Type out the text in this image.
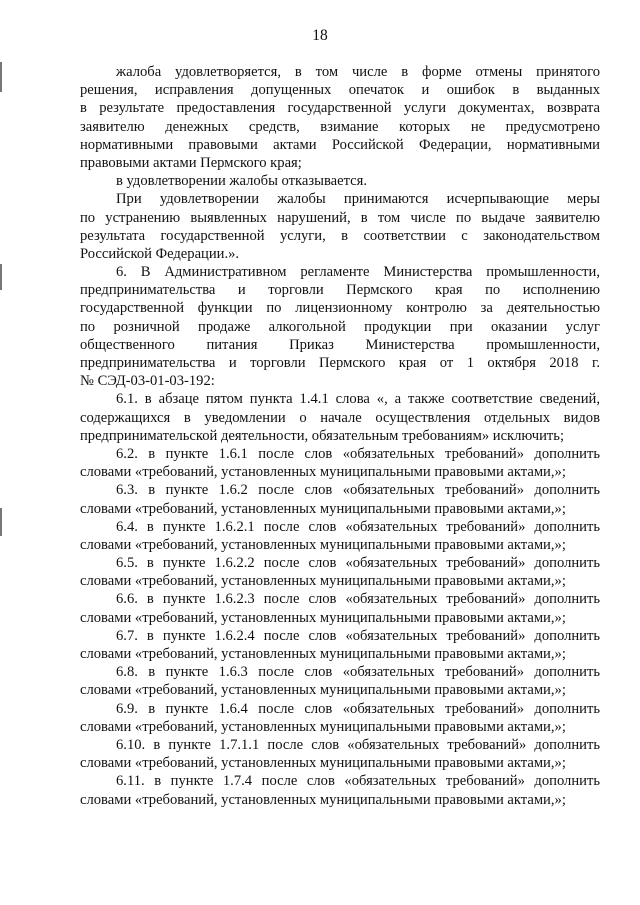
18
жалоба удовлетворяется, в том числе в форме отмены принятого
решения, исправления допущенных опечаток и ошибок в выданных
в результате предоставления государственной услуги документах, возврата
заявителю денежных средств, взимание которых не предусмотрено
нормативными правовыми актами Российской Федерации, нормативными
правовыми актами Пермского края;
в удовлетворении жалобы отказывается.
При удовлетворении жалобы принимаются исчерпывающие меры
по устранению выявленных нарушений, в том числе по выдаче заявителю
результата государственной услуги, в соответствии с законодательством
Российской Федерации.».
6. В Административном регламенте Министерства промышленности,
предпринимательства и торговли Пермского края по исполнению
государственной функции по лицензионному контролю за деятельностью
по розничной продаже алкогольной продукции при оказании услуг
общественного питания Приказ Министерства промышленности,
предпринимательства и торговли Пермского края от 1 октября 2018 г.
№ СЭД-03-01-03-192:
6.1. в абзаце пятом пункта 1.4.1 слова «, а также соответствие сведений,
содержащихся в уведомлении о начале осуществления отдельных видов
предпринимательской деятельности, обязательным требованиям» исключить;
6.2. в пункте 1.6.1 после слов «обязательных требований» дополнить
словами «требований, установленных муниципальными правовыми актами,»;
6.3. в пункте 1.6.2 после слов «обязательных требований» дополнить
словами «требований, установленных муниципальными правовыми актами,»;
6.4. в пункте 1.6.2.1 после слов «обязательных требований» дополнить
словами «требований, установленных муниципальными правовыми актами,»;
6.5. в пункте 1.6.2.2 после слов «обязательных требований» дополнить
словами «требований, установленных муниципальными правовыми актами,»;
6.6. в пункте 1.6.2.3 после слов «обязательных требований» дополнить
словами «требований, установленных муниципальными правовыми актами,»;
6.7. в пункте 1.6.2.4 после слов «обязательных требований» дополнить
словами «требований, установленных муниципальными правовыми актами,»;
6.8. в пункте 1.6.3 после слов «обязательных требований» дополнить
словами «требований, установленных муниципальными правовыми актами,»;
6.9. в пункте 1.6.4 после слов «обязательных требований» дополнить
словами «требований, установленных муниципальными правовыми актами,»;
6.10. в пункте 1.7.1.1 после слов «обязательных требований» дополнить
словами «требований, установленных муниципальными правовыми актами,»;
6.11. в пункте 1.7.4 после слов «обязательных требований» дополнить
словами «требований, установленных муниципальными правовыми актами,»;
